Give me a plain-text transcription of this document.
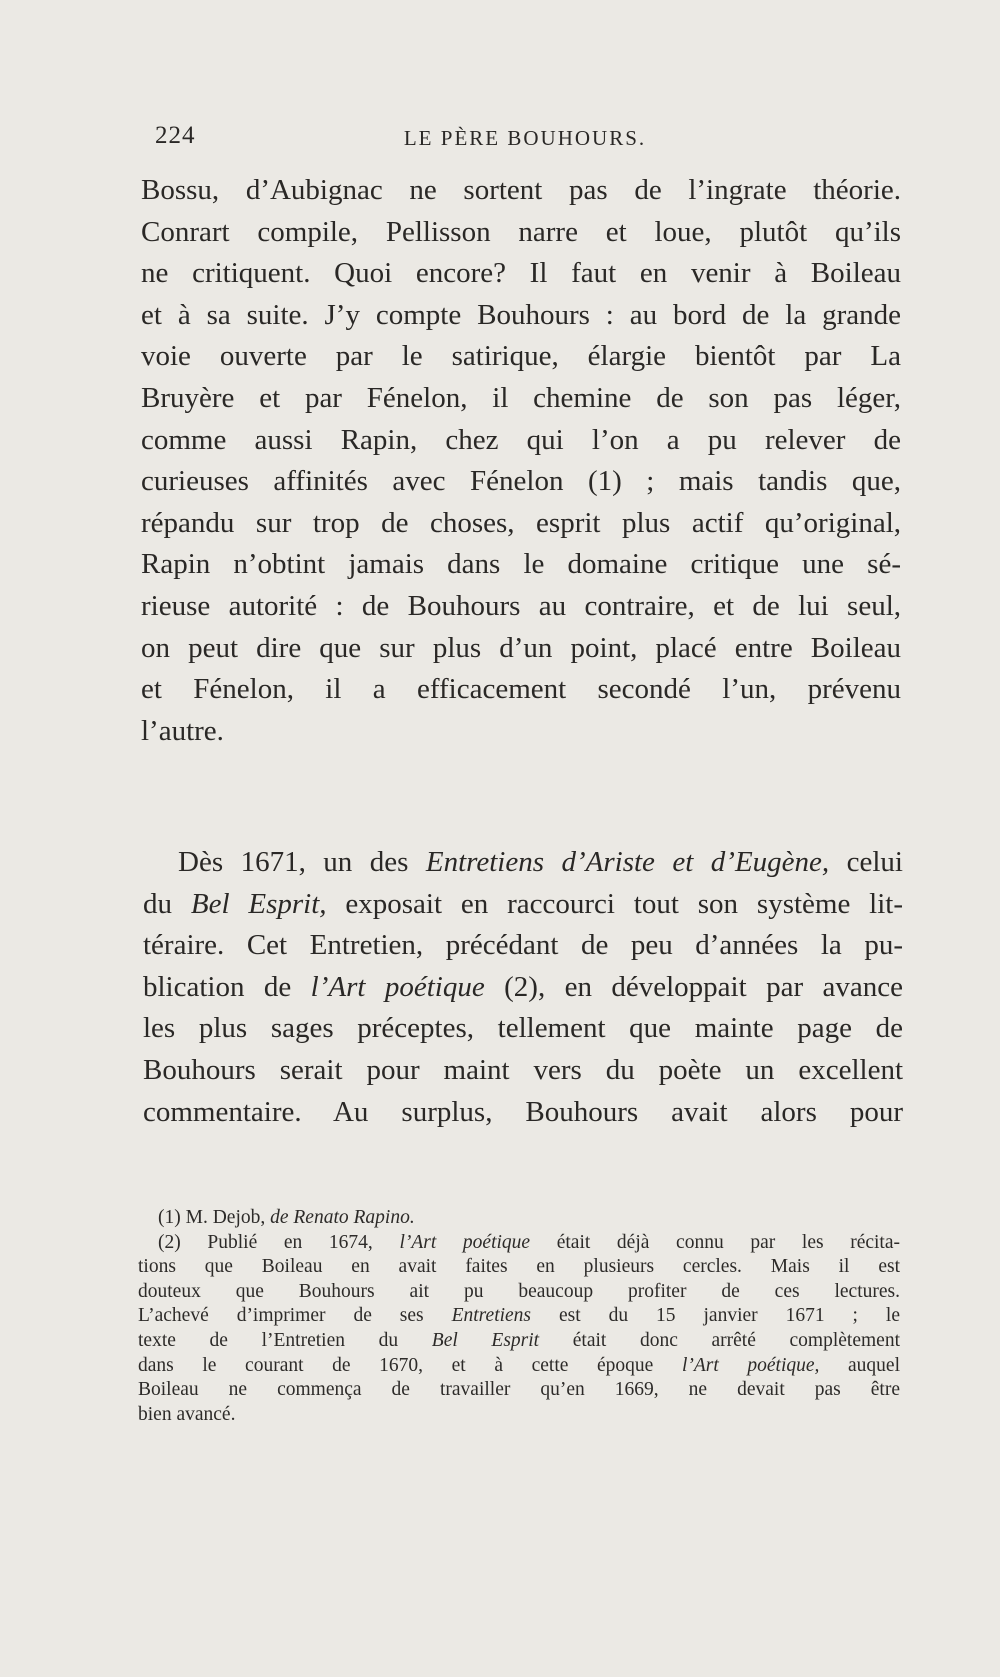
224	LE PÈRE BOUHOURS.
Bossu, d’Aubignac ne sortent pas de l’ingrate théorie.
Conrart compile, Pellisson narre et loue, plutôt qu’ils
ne critiquent. Quoi encore? Il faut en venir à Boileau
et à sa suite. J’y compte Bouhours : au bord de la grande
voie ouverte par le satirique, élargie bientôt par La
Bruyère et par Fénelon, il chemine de son pas léger,
comme aussi Rapin, chez qui l’on a pu relever de
curieuses affinités avec Fénelon (1) ; mais tandis que,
répandu sur trop de choses, esprit plus actif qu’original,
Rapin n’obtint jamais dans le domaine critique une sé-
rieuse autorité : de Bouhours au contraire, et de lui seul,
on peut dire que sur plus d’un point, placé entre Boileau
et Fénelon, il a efficacement secondé l’un, prévenu
l’autre.
Dès 1671, un des Entretiens d’Ariste et d’Eugène, celui
du Bel Esprit, exposait en raccourci tout son système lit-
téraire. Cet Entretien, précédant de peu d’années la pu-
blication de l’Art poétique (2), en développait par avance
les plus sages préceptes, tellement que mainte page de
Bouhours serait pour maint vers du poète un excellent
commentaire. Au surplus, Bouhours avait alors pour
(1) M. Dejob, de Renato Rapino.
(2) Publié en 1674, l’Art poétique était déjà connu par les récita-
tions que Boileau en avait faites en plusieurs cercles. Mais il est
douteux que Bouhours ait pu beaucoup profiter de ces lectures.
L’achevé d’imprimer de ses Entretiens est du 15 janvier 1671 ; le
texte de l’Entretien du Bel Esprit était donc arrêté complètement
dans le courant de 1670, et à cette époque l’Art poétique, auquel
Boileau ne commença de travailler qu’en 1669, ne devait pas être
bien avancé.
